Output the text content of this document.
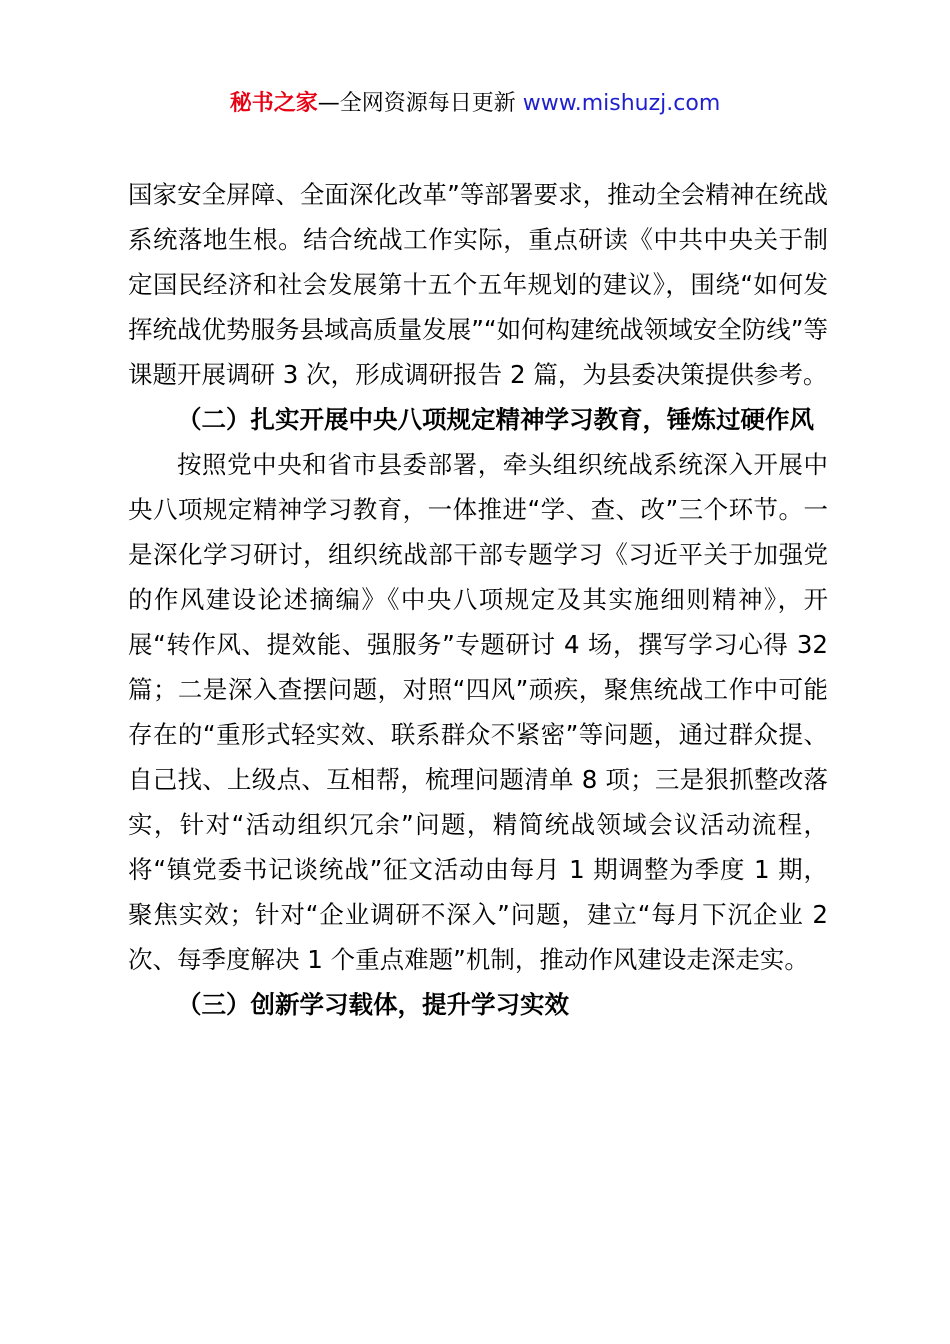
秘书之家—全网资源每日更新 www.mishuzj.com

国家安全屏障、全面深化改革”等部署要求，推动全会精神在统战系统落地生根。结合统战工作实际，重点研读《中共中央关于制定国民经济和社会发展第十五个五年规划的建议》，围绕“如何发挥统战优势服务县域高质量发展”“如何构建统战领域安全防线”等课题开展调研 3 次，形成调研报告 2 篇，为县委决策提供参考。

（二）扎实开展中央八项规定精神学习教育，锤炼过硬作风

按照党中央和省市县委部署，牵头组织统战系统深入开展中央八项规定精神学习教育，一体推进“学、查、改”三个环节。一是深化学习研讨，组织统战部干部专题学习《习近平关于加强党的作风建设论述摘编》《中央八项规定及其实施细则精神》，开展“转作风、提效能、强服务”专题研讨 4 场，撰写学习心得 32 篇；二是深入查摆问题，对照“四风”顽疾，聚焦统战工作中可能存在的“重形式轻实效、联系群众不紧密”等问题，通过群众提、自己找、上级点、互相帮，梳理问题清单 8 项；三是狠抓整改落实，针对“活动组织冗余”问题，精简统战领域会议活动流程，将“镇党委书记谈统战”征文活动由每月 1 期调整为季度 1 期，聚焦实效；针对“企业调研不深入”问题，建立“每月下沉企业 2 次、每季度解决 1 个重点难题”机制，推动作风建设走深走实。

（三）创新学习载体，提升学习实效
